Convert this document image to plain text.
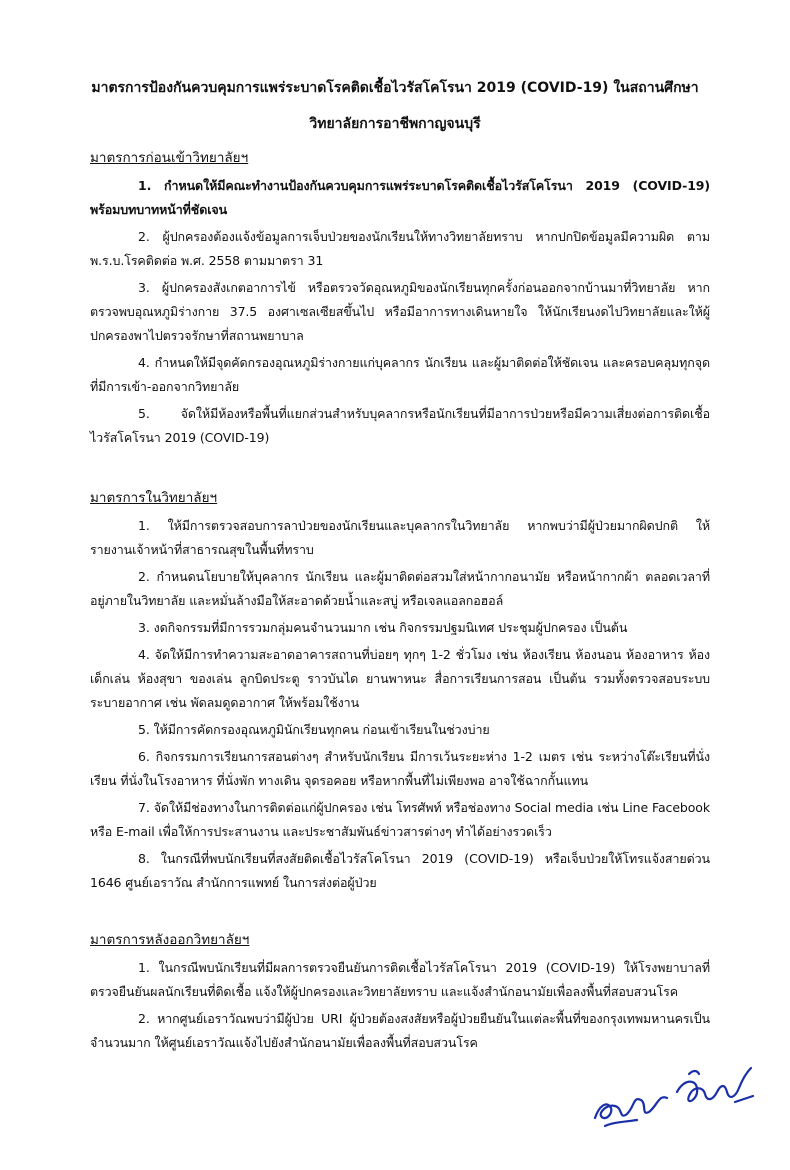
มาตรการป้องกันควบคุมการแพร่ระบาดโรคติดเชื้อไวรัสโคโรนา 2019 (COVID-19) ในสถานศึกษา
วิทยาลัยการอาชีพกาญจนบุรี

มาตรการก่อนเข้าวิทยาลัยฯ

1. กำหนดให้มีคณะทำงานป้องกันควบคุมการแพร่ระบาดโรคติดเชื้อไวรัสโคโรนา 2019 (COVID-19) พร้อมบทบาทหน้าที่ชัดเจน

2. ผู้ปกครองต้องแจ้งข้อมูลการเจ็บป่วยของนักเรียนให้ทางวิทยาลัยทราบ หากปกปิดข้อมูลมีความผิด ตาม พ.ร.บ.โรคติดต่อ พ.ศ. 2558 ตามมาตรา 31

3. ผู้ปกครองสังเกตอาการไข้ หรือตรวจวัดอุณหภูมิของนักเรียนทุกครั้งก่อนออกจากบ้านมาที่วิทยาลัย หากตรวจพบอุณหภูมิร่างกาย 37.5 องศาเซลเซียสขึ้นไป หรือมีอาการทางเดินหายใจ ให้นักเรียนงดไปวิทยาลัยและให้ผู้ปกครองพาไปตรวจรักษาที่สถานพยาบาล

4. กำหนดให้มีจุดคัดกรองอุณหภูมิร่างกายแก่บุคลากร นักเรียน และผู้มาติดต่อให้ชัดเจน และครอบคลุมทุกจุดที่มีการเข้า-ออกจากวิทยาลัย

5. จัดให้มีห้องหรือพื้นที่แยกส่วนสำหรับบุคลากรหรือนักเรียนที่มีอาการป่วยหรือมีความเสี่ยงต่อการติดเชื้อไวรัสโคโรนา 2019 (COVID-19)

มาตรการในวิทยาลัยฯ

1. ให้มีการตรวจสอบการลาป่วยของนักเรียนและบุคลากรในวิทยาลัย หากพบว่ามีผู้ป่วยมากผิดปกติ ให้รายงานเจ้าหน้าที่สาธารณสุขในพื้นที่ทราบ

2. กำหนดนโยบายให้บุคลากร นักเรียน และผู้มาติดต่อสวมใส่หน้ากากอนามัย หรือหน้ากากผ้า ตลอดเวลาที่อยู่ภายในวิทยาลัย และหมั่นล้างมือให้สะอาดด้วยน้ำและสบู่ หรือเจลแอลกอฮอล์

3. งดกิจกรรมที่มีการรวมกลุ่มคนจำนวนมาก เช่น กิจกรรมปฐมนิเทศ ประชุมผู้ปกครอง เป็นต้น

4. จัดให้มีการทำความสะอาดอาคารสถานที่บ่อยๆ ทุกๆ 1-2 ชั่วโมง เช่น ห้องเรียน ห้องนอน ห้องอาหาร ห้องเด็กเล่น ห้องสุขา ของเล่น ลูกบิดประตู ราวบันได ยานพาหนะ สื่อการเรียนการสอน เป็นต้น รวมทั้งตรวจสอบระบบระบายอากาศ เช่น พัดลมดูดอากาศ ให้พร้อมใช้งาน

5. ให้มีการคัดกรองอุณหภูมินักเรียนทุกคน ก่อนเข้าเรียนในช่วงบ่าย

6. กิจกรรมการเรียนการสอนต่างๆ สำหรับนักเรียน มีการเว้นระยะห่าง 1-2 เมตร เช่น ระหว่างโต๊ะเรียนที่นั่งเรียน ที่นั่งในโรงอาหาร ที่นั่งพัก ทางเดิน จุดรอคอย หรือหากพื้นที่ไม่เพียงพอ อาจใช้ฉากกั้นแทน

7. จัดให้มีช่องทางในการติดต่อแก่ผู้ปกครอง เช่น โทรศัพท์ หรือช่องทาง Social media เช่น Line Facebook หรือ E-mail เพื่อให้การประสานงาน และประชาสัมพันธ์ข่าวสารต่างๆ ทำได้อย่างรวดเร็ว

8. ในกรณีที่พบนักเรียนที่สงสัยติดเชื้อไวรัสโคโรนา 2019 (COVID-19) หรือเจ็บป่วยให้โทรแจ้งสายด่วน 1646 ศูนย์เอราวัณ สำนักการแพทย์ ในการส่งต่อผู้ป่วย

มาตรการหลังออกวิทยาลัยฯ

1. ในกรณีพบนักเรียนที่มีผลการตรวจยืนยันการติดเชื้อไวรัสโคโรนา 2019 (COVID-19) ให้โรงพยาบาลที่ตรวจยืนยันผลนักเรียนที่ติดเชื้อ แจ้งให้ผู้ปกครองและวิทยาลัยทราบ และแจ้งสำนักอนามัยเพื่อลงพื้นที่สอบสวนโรค

2. หากศูนย์เอราวัณพบว่ามีผู้ป่วย URI ผู้ป่วยต้องสงสัยหรือผู้ป่วยยืนยันในแต่ละพื้นที่ของกรุงเทพมหานครเป็นจำนวนมาก ให้ศูนย์เอราวัณแจ้งไปยังสำนักอนามัยเพื่อลงพื้นที่สอบสวนโรค
